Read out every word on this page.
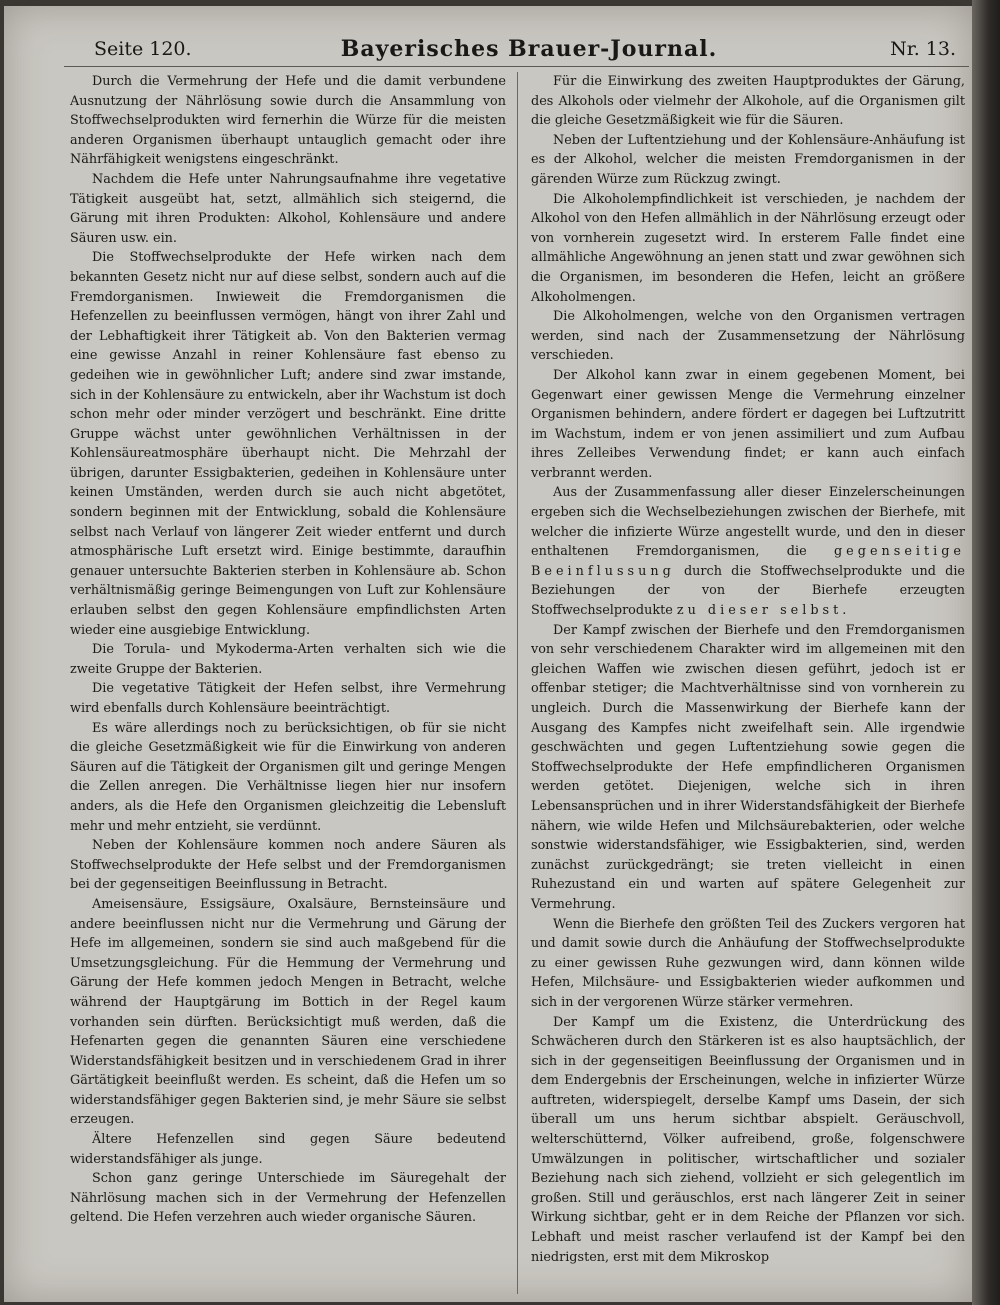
Seite 120.	Bayerisches Brauer-Journal.	Nr. 13.

Durch die Vermehrung der Hefe und die damit verbundene Ausnutzung der Nährlösung sowie durch die Ansammlung von Stoffwechselprodukten wird fernerhin die Würze für die meisten anderen Organismen überhaupt untauglich gemacht oder ihre Nährfähigkeit wenigstens eingeschränkt.

Nachdem die Hefe unter Nahrungsaufnahme ihre vegetative Tätigkeit ausgeübt hat, setzt, allmählich sich steigernd, die Gärung mit ihren Produkten: Alkohol, Kohlensäure und andere Säuren usw. ein.

Die Stoffwechselprodukte der Hefe wirken nach dem bekannten Gesetz nicht nur auf diese selbst, sondern auch auf die Fremdorganismen. Inwieweit die Fremdorganismen die Hefenzellen zu beeinflussen vermögen, hängt von ihrer Zahl und der Lebhaftigkeit ihrer Tätigkeit ab. Von den Bakterien vermag eine gewisse Anzahl in reiner Kohlensäure fast ebenso zu gedeihen wie in gewöhnlicher Luft; andere sind zwar imstande, sich in der Kohlensäure zu entwickeln, aber ihr Wachstum ist doch schon mehr oder minder verzögert und beschränkt. Eine dritte Gruppe wächst unter gewöhnlichen Verhältnissen in der Kohlensäureatmosphäre überhaupt nicht. Die Mehrzahl der übrigen, darunter Essigbakterien, gedeihen in Kohlensäure unter keinen Umständen, werden durch sie auch nicht abgetötet, sondern beginnen mit der Entwicklung, sobald die Kohlensäure selbst nach Verlauf von längerer Zeit wieder entfernt und durch atmosphärische Luft ersetzt wird. Einige bestimmte, daraufhin genauer untersuchte Bakterien sterben in Kohlensäure ab. Schon verhältnismäßig geringe Beimengungen von Luft zur Kohlensäure erlauben selbst den gegen Kohlensäure empfindlichsten Arten wieder eine ausgiebige Entwicklung.

Die Torula- und Mykoderma-Arten verhalten sich wie die zweite Gruppe der Bakterien.

Die vegetative Tätigkeit der Hefen selbst, ihre Vermehrung wird ebenfalls durch Kohlensäure beeinträchtigt.

Es wäre allerdings noch zu berücksichtigen, ob für sie nicht die gleiche Gesetzmäßigkeit wie für die Einwirkung von anderen Säuren auf die Tätigkeit der Organismen gilt und geringe Mengen die Zellen anregen. Die Verhältnisse liegen hier nur insofern anders, als die Hefe den Organismen gleichzeitig die Lebensluft mehr und mehr entzieht, sie verdünnt.

Neben der Kohlensäure kommen noch andere Säuren als Stoffwechselprodukte der Hefe selbst und der Fremdorganismen bei der gegenseitigen Beeinflussung in Betracht.

Ameisensäure, Essigsäure, Oxalsäure, Bernsteinsäure und andere beeinflussen nicht nur die Vermehrung und Gärung der Hefe im allgemeinen, sondern sie sind auch maßgebend für die Umsetzungsgleichung. Für die Hemmung der Vermehrung und Gärung der Hefe kommen jedoch Mengen in Betracht, welche während der Hauptgärung im Bottich in der Regel kaum vorhanden sein dürften. Berücksichtigt muß werden, daß die Hefenarten gegen die genannten Säuren eine verschiedene Widerstandsfähigkeit besitzen und in verschiedenem Grad in ihrer Gärtätigkeit beeinflußt werden. Es scheint, daß die Hefen um so widerstandsfähiger gegen Bakterien sind, je mehr Säure sie selbst erzeugen.

Ältere Hefenzellen sind gegen Säure bedeutend widerstandsfähiger als junge.

Schon ganz geringe Unterschiede im Säuregehalt der Nährlösung machen sich in der Vermehrung der Hefenzellen geltend. Die Hefen verzehren auch wieder organische Säuren.

Für die Einwirkung des zweiten Hauptproduktes der Gärung, des Alkohols oder vielmehr der Alkohole, auf die Organismen gilt die gleiche Gesetzmäßigkeit wie für die Säuren.

Neben der Luftentziehung und der Kohlensäure-Anhäufung ist es der Alkohol, welcher die meisten Fremdorganismen in der gärenden Würze zum Rückzug zwingt.

Die Alkoholempfindlichkeit ist verschieden, je nachdem der Alkohol von den Hefen allmählich in der Nährlösung erzeugt oder von vornherein zugesetzt wird. In ersterem Falle findet eine allmähliche Angewöhnung an jenen statt und zwar gewöhnen sich die Organismen, im besonderen die Hefen, leicht an größere Alkoholmengen.

Die Alkoholmengen, welche von den Organismen vertragen werden, sind nach der Zusammensetzung der Nährlösung verschieden.

Der Alkohol kann zwar in einem gegebenen Moment, bei Gegenwart einer gewissen Menge die Vermehrung einzelner Organismen behindern, andere fördert er dagegen bei Luftzutritt im Wachstum, indem er von jenen assimiliert und zum Aufbau ihres Zelleibes Verwendung findet; er kann auch einfach verbrannt werden.

Aus der Zusammenfassung aller dieser Einzelerscheinungen ergeben sich die Wechselbeziehungen zwischen der Bierhefe, mit welcher die infizierte Würze angestellt wurde, und den in dieser enthaltenen Fremdorganismen, die gegenseitige Beeinflussung durch die Stoffwechselprodukte und die Beziehungen der von der Bierhefe erzeugten Stoffwechselprodukte zu dieser selbst.

Der Kampf zwischen der Bierhefe und den Fremdorganismen von sehr verschiedenem Charakter wird im allgemeinen mit den gleichen Waffen wie zwischen diesen geführt, jedoch ist er offenbar stetiger; die Machtverhältnisse sind von vornherein zu ungleich. Durch die Massenwirkung der Bierhefe kann der Ausgang des Kampfes nicht zweifelhaft sein. Alle irgendwie geschwächten und gegen Luftentziehung sowie gegen die Stoffwechselprodukte der Hefe empfindlicheren Organismen werden getötet. Diejenigen, welche sich in ihren Lebensansprüchen und in ihrer Widerstandsfähigkeit der Bierhefe nähern, wie wilde Hefen und Milchsäurebakterien, oder welche sonstwie widerstandsfähiger, wie Essigbakterien, sind, werden zunächst zurückgedrängt; sie treten vielleicht in einen Ruhezustand ein und warten auf spätere Gelegenheit zur Vermehrung.

Wenn die Bierhefe den größten Teil des Zuckers vergoren hat und damit sowie durch die Anhäufung der Stoffwechselprodukte zu einer gewissen Ruhe gezwungen wird, dann können wilde Hefen, Milchsäure- und Essigbakterien wieder aufkommen und sich in der vergorenen Würze stärker vermehren.

Der Kampf um die Existenz, die Unterdrückung des Schwächeren durch den Stärkeren ist es also hauptsächlich, der sich in der gegenseitigen Beeinflussung der Organismen und in dem Endergebnis der Erscheinungen, welche in infizierter Würze auftreten, widerspiegelt, derselbe Kampf ums Dasein, der sich überall um uns herum sichtbar abspielt. Geräuschvoll, welterschütternd, Völker aufreibend, große, folgenschwere Umwälzungen in politischer, wirtschaftlicher und sozialer Beziehung nach sich ziehend, vollzieht er sich gelegentlich im großen. Still und geräuschlos, erst nach längerer Zeit in seiner Wirkung sichtbar, geht er in dem Reiche der Pflanzen vor sich. Lebhaft und meist rascher verlaufend ist der Kampf bei den niedrigsten, erst mit dem Mikroskop
